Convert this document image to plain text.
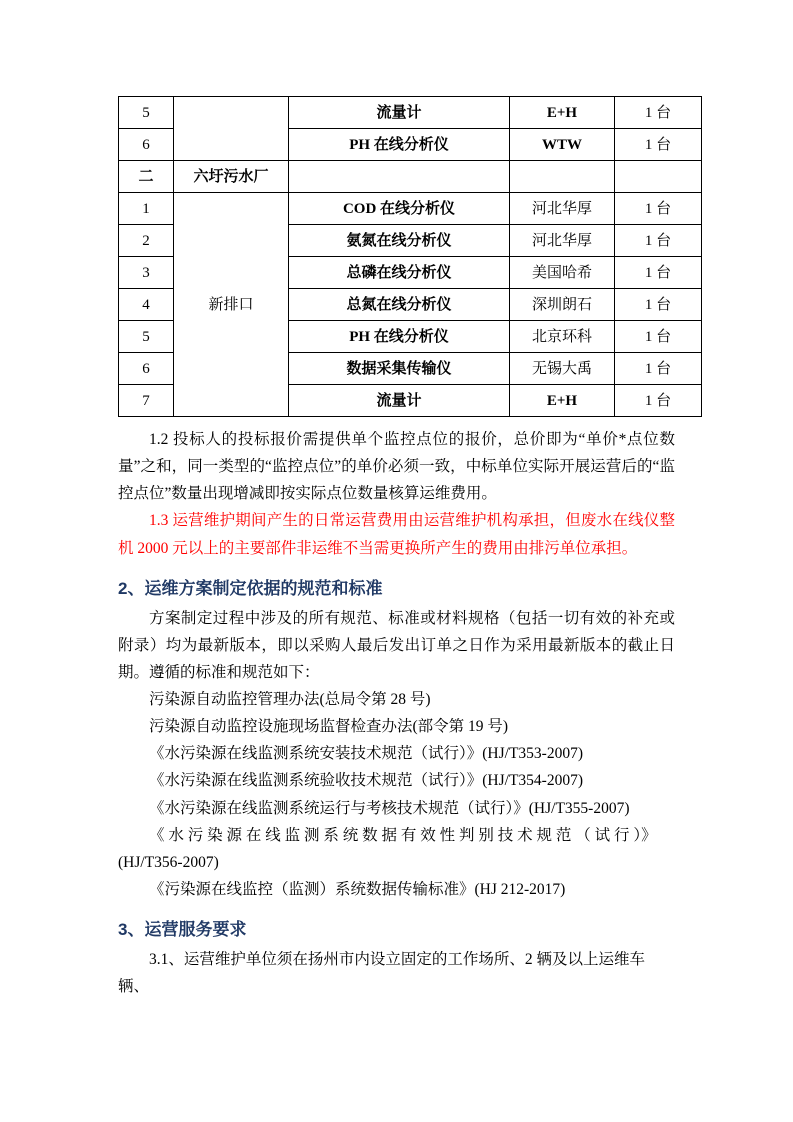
5		流量计	E+H	1 台
6		PH 在线分析仪	WTW	1 台
二	六圩污水厂			
1	新排口	COD 在线分析仪	河北华厚	1 台
2		氨氮在线分析仪	河北华厚	1 台
3		总磷在线分析仪	美国哈希	1 台
4		总氮在线分析仪	深圳朗石	1 台
5		PH 在线分析仪	北京环科	1 台
6		数据采集传输仪	无锡大禹	1 台
7		流量计	E+H	1 台

1.2 投标人的投标报价需提供单个监控点位的报价，总价即为“单价*点位数量”之和，同一类型的“监控点位”的单价必须一致，中标单位实际开展运营后的“监控点位”数量出现增减即按实际点位数量核算运维费用。

1.3 运营维护期间产生的日常运营费用由运营维护机构承担，但废水在线仪整机 2000 元以上的主要部件非运维不当需更换所产生的费用由排污单位承担。

2、运维方案制定依据的规范和标准

方案制定过程中涉及的所有规范、标准或材料规格（包括一切有效的补充或附录）均为最新版本，即以采购人最后发出订单之日作为采用最新版本的截止日期。遵循的标准和规范如下：

污染源自动监控管理办法(总局令第 28 号)

污染源自动监控设施现场监督检查办法(部令第 19 号)

《水污染源在线监测系统安装技术规范（试行）》(HJ/T353-2007)

《水污染源在线监测系统验收技术规范（试行）》(HJ/T354-2007)

《水污染源在线监测系统运行与考核技术规范（试行）》(HJ/T355-2007)

《 水 污 染 源 在 线 监 测 系 统 数 据 有 效 性 判 别 技 术 规 范 （ 试 行 ）》

(HJ/T356-2007)

《污染源在线监控（监测）系统数据传输标准》(HJ 212-2017)

3、运营服务要求

3.1、运营维护单位须在扬州市内设立固定的工作场所、2 辆及以上运维车辆、
